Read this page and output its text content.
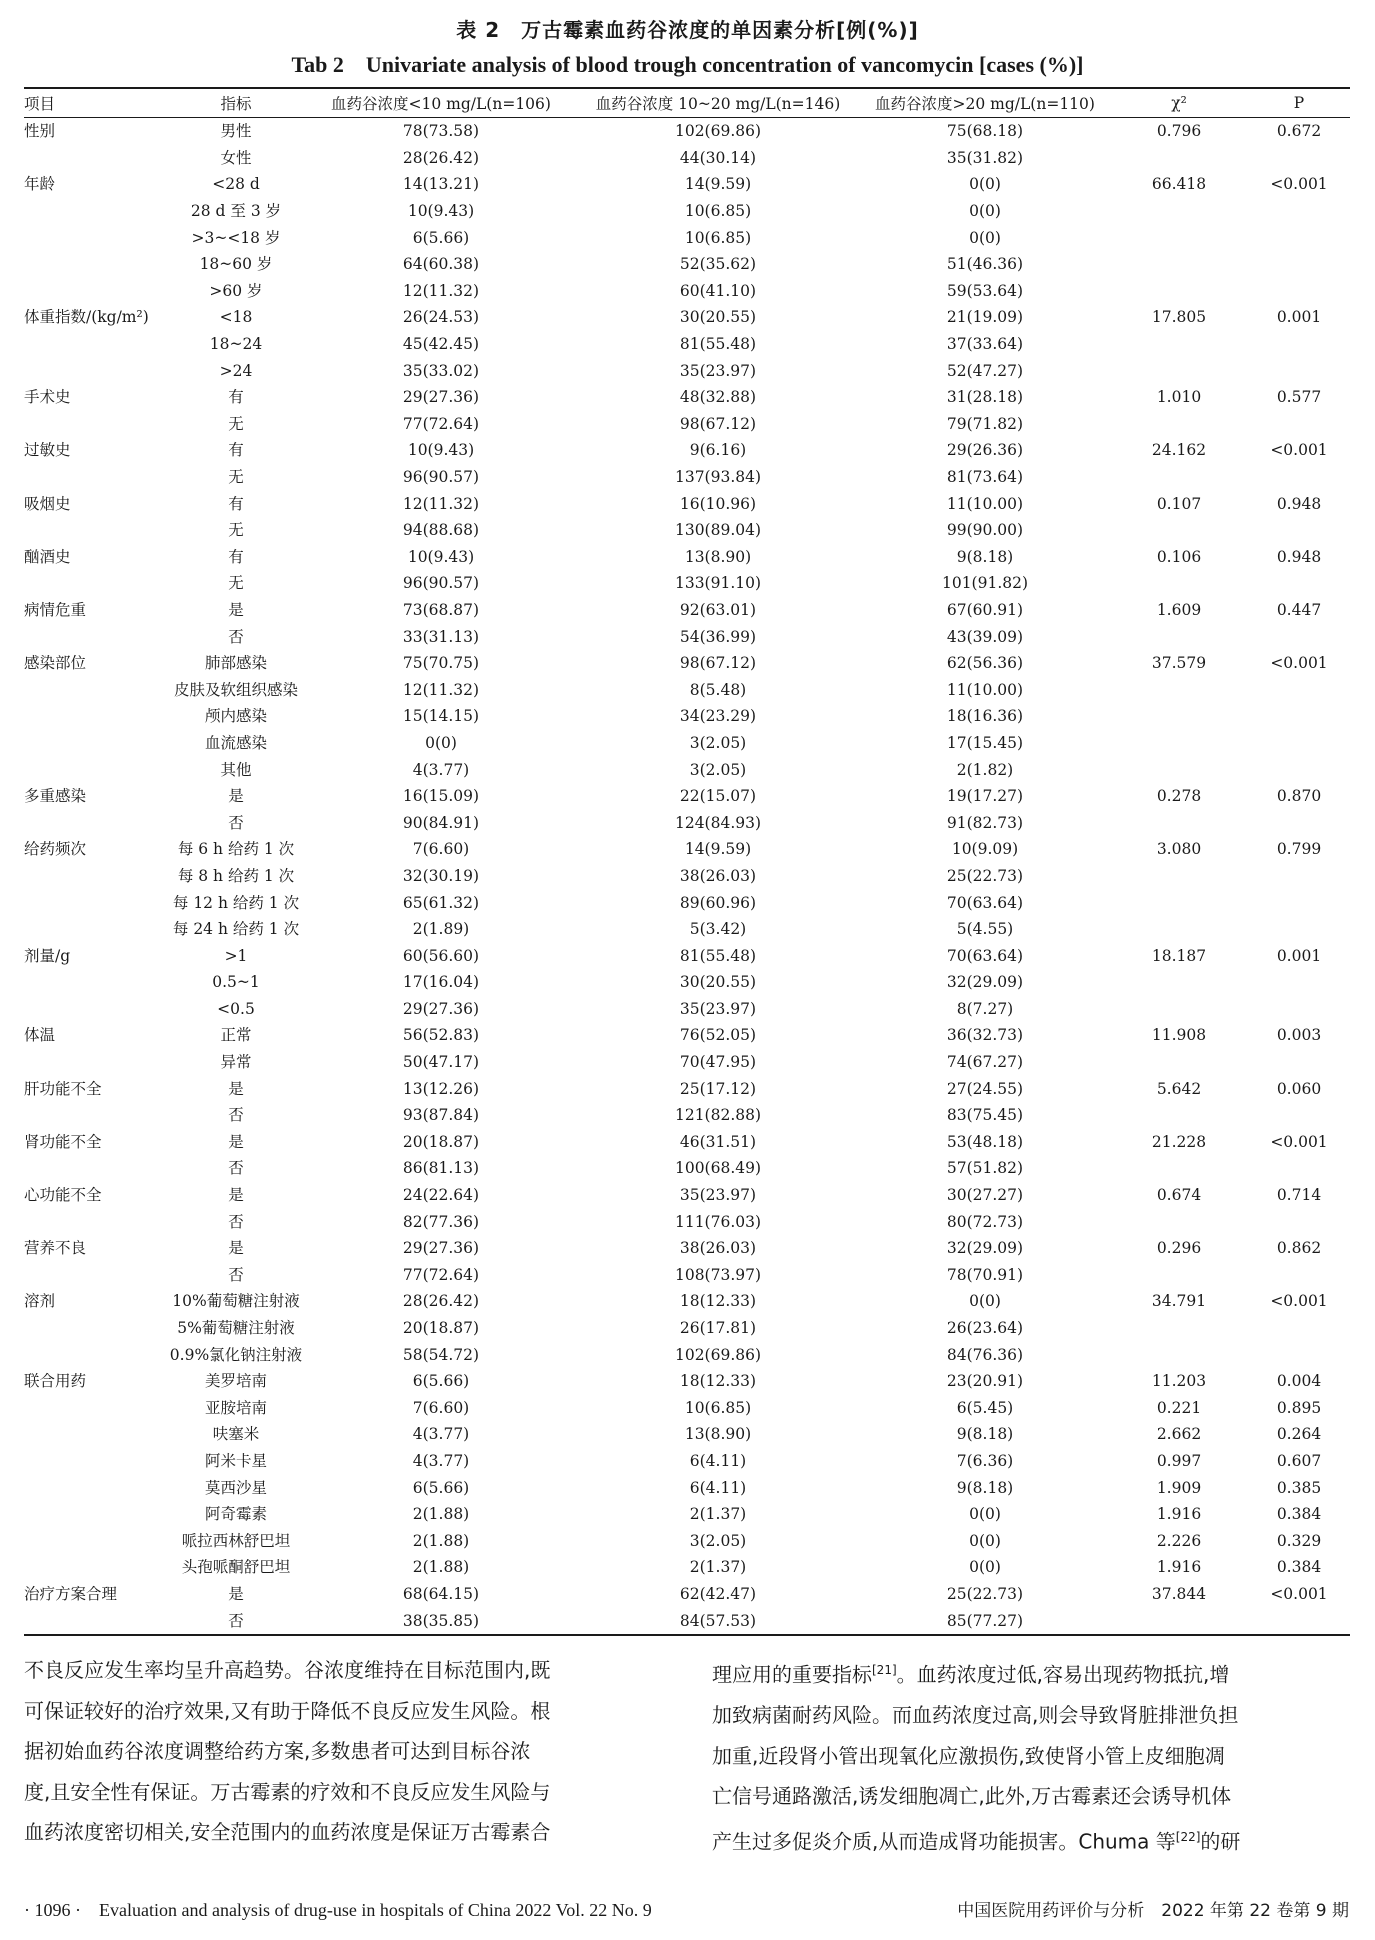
表 2　万古霉素血药谷浓度的单因素分析[例(%)]
Tab 2　Univariate analysis of blood trough concentration of vancomycin [cases (%)]
项目	指标	血药谷浓度<10 mg/L(n=106)	血药谷浓度 10~20 mg/L(n=146)	血药谷浓度>20 mg/L(n=110)	χ²	P
性别	男性	78(73.58)	102(69.86)	75(68.18)	0.796	0.672
	女性	28(26.42)	44(30.14)	35(31.82)		
年龄	<28 d	14(13.21)	14(9.59)	0(0)	66.418	<0.001
	28 d 至 3 岁	10(9.43)	10(6.85)	0(0)		
	>3~<18 岁	6(5.66)	10(6.85)	0(0)		
	18~60 岁	64(60.38)	52(35.62)	51(46.36)		
	>60 岁	12(11.32)	60(41.10)	59(53.64)		
体重指数/(kg/m²)	<18	26(24.53)	30(20.55)	21(19.09)	17.805	0.001
	18~24	45(42.45)	81(55.48)	37(33.64)		
	>24	35(33.02)	35(23.97)	52(47.27)		
手术史	有	29(27.36)	48(32.88)	31(28.18)	1.010	0.577
	无	77(72.64)	98(67.12)	79(71.82)		
过敏史	有	10(9.43)	9(6.16)	29(26.36)	24.162	<0.001
	无	96(90.57)	137(93.84)	81(73.64)		
吸烟史	有	12(11.32)	16(10.96)	11(10.00)	0.107	0.948
	无	94(88.68)	130(89.04)	99(90.00)		
酗酒史	有	10(9.43)	13(8.90)	9(8.18)	0.106	0.948
	无	96(90.57)	133(91.10)	101(91.82)		
病情危重	是	73(68.87)	92(63.01)	67(60.91)	1.609	0.447
	否	33(31.13)	54(36.99)	43(39.09)		
感染部位	肺部感染	75(70.75)	98(67.12)	62(56.36)	37.579	<0.001
	皮肤及软组织感染	12(11.32)	8(5.48)	11(10.00)		
	颅内感染	15(14.15)	34(23.29)	18(16.36)		
	血流感染	0(0)	3(2.05)	17(15.45)		
	其他	4(3.77)	3(2.05)	2(1.82)		
多重感染	是	16(15.09)	22(15.07)	19(17.27)	0.278	0.870
	否	90(84.91)	124(84.93)	91(82.73)		
给药频次	每 6 h 给药 1 次	7(6.60)	14(9.59)	10(9.09)	3.080	0.799
	每 8 h 给药 1 次	32(30.19)	38(26.03)	25(22.73)		
	每 12 h 给药 1 次	65(61.32)	89(60.96)	70(63.64)		
	每 24 h 给药 1 次	2(1.89)	5(3.42)	5(4.55)		
剂量/g	>1	60(56.60)	81(55.48)	70(63.64)	18.187	0.001
	0.5~1	17(16.04)	30(20.55)	32(29.09)		
	<0.5	29(27.36)	35(23.97)	8(7.27)		
体温	正常	56(52.83)	76(52.05)	36(32.73)	11.908	0.003
	异常	50(47.17)	70(47.95)	74(67.27)		
肝功能不全	是	13(12.26)	25(17.12)	27(24.55)	5.642	0.060
	否	93(87.84)	121(82.88)	83(75.45)		
肾功能不全	是	20(18.87)	46(31.51)	53(48.18)	21.228	<0.001
	否	86(81.13)	100(68.49)	57(51.82)		
心功能不全	是	24(22.64)	35(23.97)	30(27.27)	0.674	0.714
	否	82(77.36)	111(76.03)	80(72.73)		
营养不良	是	29(27.36)	38(26.03)	32(29.09)	0.296	0.862
	否	77(72.64)	108(73.97)	78(70.91)		
溶剂	10%葡萄糖注射液	28(26.42)	18(12.33)	0(0)	34.791	<0.001
	5%葡萄糖注射液	20(18.87)	26(17.81)	26(23.64)		
	0.9%氯化钠注射液	58(54.72)	102(69.86)	84(76.36)		
联合用药	美罗培南	6(5.66)	18(12.33)	23(20.91)	11.203	0.004
	亚胺培南	7(6.60)	10(6.85)	6(5.45)	0.221	0.895
	呋塞米	4(3.77)	13(8.90)	9(8.18)	2.662	0.264
	阿米卡星	4(3.77)	6(4.11)	7(6.36)	0.997	0.607
	莫西沙星	6(5.66)	6(4.11)	9(8.18)	1.909	0.385
	阿奇霉素	2(1.88)	2(1.37)	0(0)	1.916	0.384
	哌拉西林舒巴坦	2(1.88)	3(2.05)	0(0)	2.226	0.329
	头孢哌酮舒巴坦	2(1.88)	2(1.37)	0(0)	1.916	0.384
治疗方案合理	是	68(64.15)	62(42.47)	25(22.73)	37.844	<0.001
	否	38(35.85)	84(57.53)	85(77.27)		
不良反应发生率均呈升高趋势。谷浓度维持在目标范围内,既
可保证较好的治疗效果,又有助于降低不良反应发生风险。根
据初始血药谷浓度调整给药方案,多数患者可达到目标谷浓
度,且安全性有保证。万古霉素的疗效和不良反应发生风险与
血药浓度密切相关,安全范围内的血药浓度是保证万古霉素合
理应用的重要指标[21]。血药浓度过低,容易出现药物抵抗,增
加致病菌耐药风险。而血药浓度过高,则会导致肾脏排泄负担
加重,近段肾小管出现氧化应激损伤,致使肾小管上皮细胞凋
亡信号通路激活,诱发细胞凋亡,此外,万古霉素还会诱导机体
产生过多促炎介质,从而造成肾功能损害。Chuma 等[22]的研
· 1096 ·　Evaluation and analysis of drug-use in hospitals of China 2022 Vol. 22 No. 9	中国医院用药评价与分析　2022 年第 22 卷第 9 期
